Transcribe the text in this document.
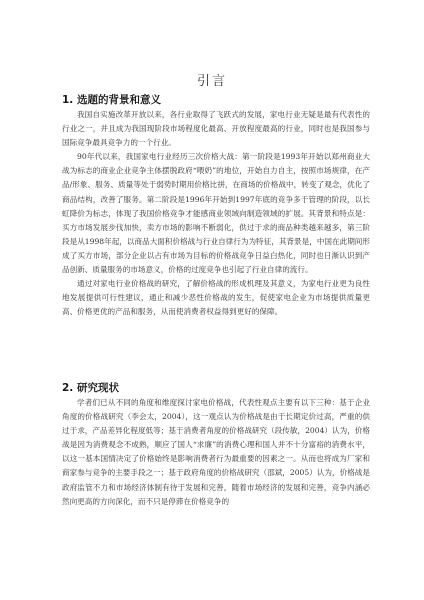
引言
1. 选题的背景和意义

我国自实施改革开放以来，各行业取得了飞跃式的发展，家电行业无疑是最有代表性的行业之一，并且成为我国现阶段市场程度化最高、开放程度最高的行业，同时也是我国参与国际竞争最具竞争力的一个行业。

90年代以来，我国家电行业经历三次价格大战：第一阶段是1993年开始以郑州商业大战为标志的商业企业竞争主体摆脱政府“喂奶”的地位，开始自力自主，按照市场规律，在产品/形象、服务、质量等处于弱势时期用价格比拼，在商场的价格战中，转变了观念，优化了商品结构，改善了服务。第二阶段是1996年开始到1997年底的竞争多于管理的阶段，以长虹降价为标志，体现了我国价格竞争才能感商业领域向制造领域的扩展。其背景和特点是：买方市场发展步伐加快，卖方市场的影响不断弱化，供过于求的商品种类越来越多，第三阶段是从1998年起，以商品大面积价格战与行业自律行为为特征，其背景是，中国在此期间形成了买方市场，部分企业以占有市场为目标的价格战竞争日益白热化，同时也日渐认识到产品创新、质量服务的市场意义，价格的过度竞争也引起了行业自律的流行。

通过对家电行业价格战的研究，了解价格战的形成机理及其意义，为家电行业更为良性地发展提供可行性建议，通止和减少恶性价格战的发生，促使家电企业为市场提供质量更高、价格更优的产品和服务，从而使消费者权益得到更好的保障。

2. 研究现状

学者们已从不同的角度和维度探讨家电价格战，代表性观点主要有以下三种：基于企业角度的价格战研究（李会太，2004），这一观点认为价格战是由于长期定价过高，严重的供过于求，产品差异化程度低等；基于消费者角度的价格战研究（段传敏，2004）认为，价格战是因为消费观念不成熟，顺应了国人“求廉”的消费心理和国人并不十分富裕的消费水平，以这一基本国情决定了价格始终是影响消费者行为最重要的因素之一。从而也将成为厂家和商家参与竞争的主要手段之一；基于政府角度的价格战研究（邵斌，2005）认为，价格战是政府监管不力和市场经济体制有待于发展和完善，随着市场经济的发展和完善，竞争内涵必然向更高的方向深化，而不只是停滞在价格竞争的
